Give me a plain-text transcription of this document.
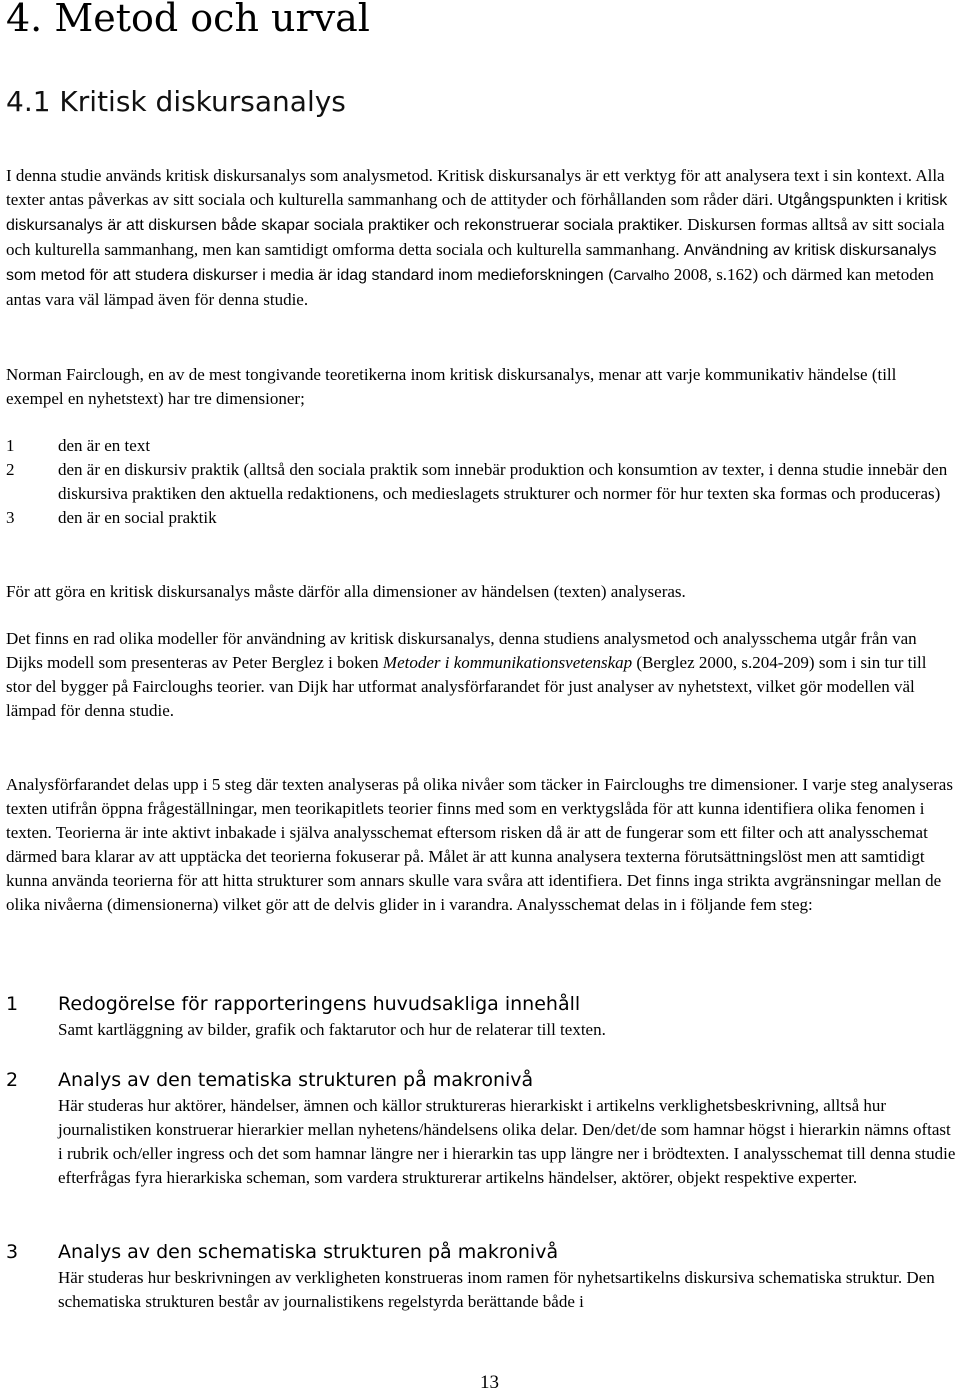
4. Metod och urval
4.1 Kritisk diskursanalys

I denna studie används kritisk diskursanalys som analysmetod. Kritisk diskursanalys är ett verktyg för att analysera text i sin kontext. Alla texter antas påverkas av sitt sociala och kulturella sammanhang och de attityder och förhållanden som råder däri. Utgångspunkten i kritisk diskursanalys är att diskursen både skapar sociala praktiker och rekonstruerar sociala praktiker. Diskursen formas alltså av sitt sociala och kulturella sammanhang, men kan samtidigt omforma detta sociala och kulturella sammanhang. Användning av kritisk diskursanalys som metod för att studera diskurser i media är idag standard inom medieforskningen (Carvalho 2008, s.162) och därmed kan metoden antas vara väl lämpad även för denna studie.

Norman Fairclough, en av de mest tongivande teoretikerna inom kritisk diskursanalys, menar att varje kommunikativ händelse (till exempel en nyhetstext) har tre dimensioner;

1	den är en text
2	den är en diskursiv praktik (alltså den sociala praktik som innebär produktion och konsumtion av texter, i denna studie innebär den diskursiva praktiken den aktuella redaktionens, och medieslagets strukturer och normer för hur texten ska formas och produceras)
3	den är en social praktik

För att göra en kritisk diskursanalys måste därför alla dimensioner av händelsen (texten) analyseras.

Det finns en rad olika modeller för användning av kritisk diskursanalys, denna studiens analysmetod och analysschema utgår från van Dijks modell som presenteras av Peter Berglez i boken Metoder i kommunikationsvetenskap (Berglez 2000, s.204-209) som i sin tur till stor del bygger på Faircloughs teorier. van Dijk har utformat analysförfarandet för just analyser av nyhetstext, vilket gör modellen väl lämpad för denna studie.

Analysförfarandet delas upp i 5 steg där texten analyseras på olika nivåer som täcker in Faircloughs tre dimensioner. I varje steg analyseras texten utifrån öppna frågeställningar, men teorikapitlets teorier finns med som en verktygslåda för att kunna identifiera olika fenomen i texten. Teorierna är inte aktivt inbakade i själva analysschemat eftersom risken då är att de fungerar som ett filter och att analysschemat därmed bara klarar av att upptäcka det teorierna fokuserar på. Målet är att kunna analysera texterna förutsättningslöst men att samtidigt kunna använda teorierna för att hitta strukturer som annars skulle vara svåra att identifiera. Det finns inga strikta avgränsningar mellan de olika nivåerna (dimensionerna) vilket gör att de delvis glider in i varandra. Analysschemat delas in i följande fem steg:

1 Redogörelse för rapporteringens huvudsakliga innehåll
Samt kartläggning av bilder, grafik och faktarutor och hur de relaterar till texten.
2 Analys av den tematiska strukturen på makronivå
Här studeras hur aktörer, händelser, ämnen och källor struktureras hierarkiskt i artikelns verklighetsbeskrivning, alltså hur journalistiken konstruerar hierarkier mellan nyhetens/händelsens olika delar. Den/det/de som hamnar högst i hierarkin nämns oftast i rubrik och/eller ingress och det som hamnar längre ner i hierarkin tas upp längre ner i brödtexten. I analysschemat till denna studie efterfrågas fyra hierarkiska scheman, som vardera strukturerar artikelns händelser, aktörer, objekt respektive experter.
3 Analys av den schematiska strukturen på makronivå
Här studeras hur beskrivningen av verkligheten konstrueras inom ramen för nyhetsartikelns diskursiva schematiska struktur. Den schematiska strukturen består av journalistikens regelstyrda berättande både i
13
